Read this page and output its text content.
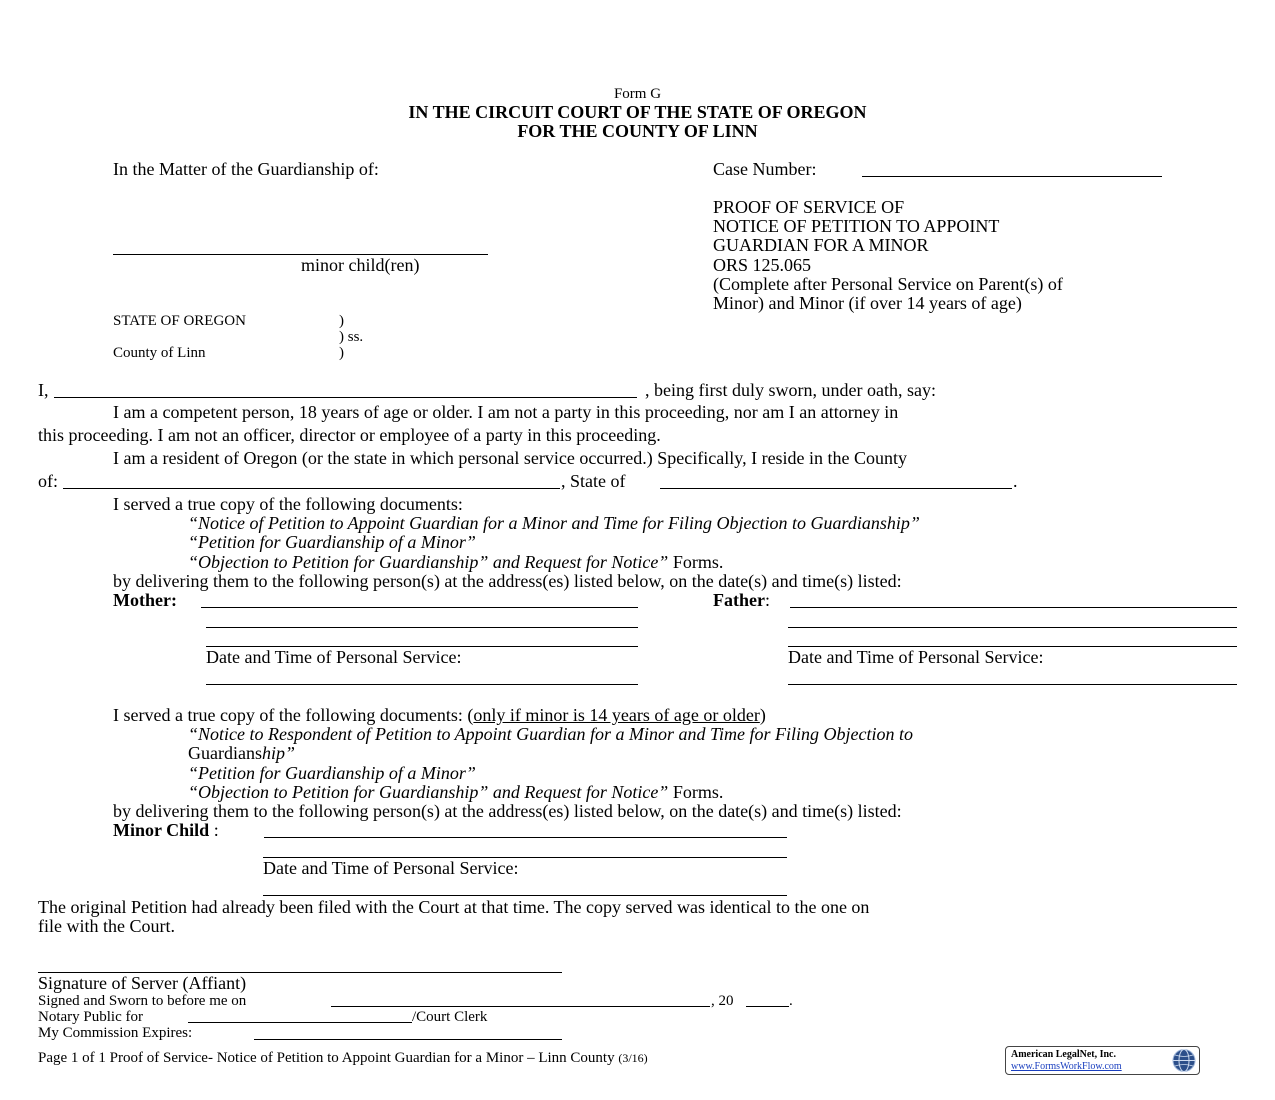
Form G
IN THE CIRCUIT COURT OF THE STATE OF OREGON
FOR THE COUNTY OF LINN
In the Matter of the Guardianship of:
minor child(ren)
Case Number:
PROOF OF SERVICE OF
NOTICE OF PETITION TO APPOINT
GUARDIAN FOR A MINOR
ORS 125.065
(Complete after Personal Service on Parent(s) of
Minor) and Minor (if over 14 years of age)
STATE OF OREGON	)
) ss.
County of Linn	)
I,	, being first duly sworn, under oath, say:
I am a competent person, 18 years of age or older. I am not a party in this proceeding, nor am I an attorney in
this proceeding. I am not an officer, director or employee of a party in this proceeding.
I am a resident of Oregon (or the state in which personal service occurred.) Specifically, I reside in the County
of:	, State of	.
I served a true copy of the following documents:
“Notice of Petition to Appoint Guardian for a Minor and Time for Filing Objection to Guardianship”
“Petition for Guardianship of a Minor”
“Objection to Petition for Guardianship” and Request for Notice” Forms.
by delivering them to the following person(s) at the address(es) listed below, on the date(s) and time(s) listed:
Mother:
Date and Time of Personal Service:
Father:
Date and Time of Personal Service:
I served a true copy of the following documents: (only if minor is 14 years of age or older)
“Notice to Respondent of Petition to Appoint Guardian for a Minor and Time for Filing Objection to
Guardianship”
“Petition for Guardianship of a Minor”
“Objection to Petition for Guardianship” and Request for Notice” Forms.
by delivering them to the following person(s) at the address(es) listed below, on the date(s) and time(s) listed:
Minor Child :
Date and Time of Personal Service:
The original Petition had already been filed with the Court at that time. The copy served was identical to the one on
file with the Court.
Signature of Server (Affiant)
Signed and Sworn to before me on	, 20	.
Notary Public for	/Court Clerk
My Commission Expires:
Page 1 of 1 Proof of Service- Notice of Petition to Appoint Guardian for a Minor – Linn County (3/16)	American LegalNet, Inc.
www.FormsWorkFlow.com
